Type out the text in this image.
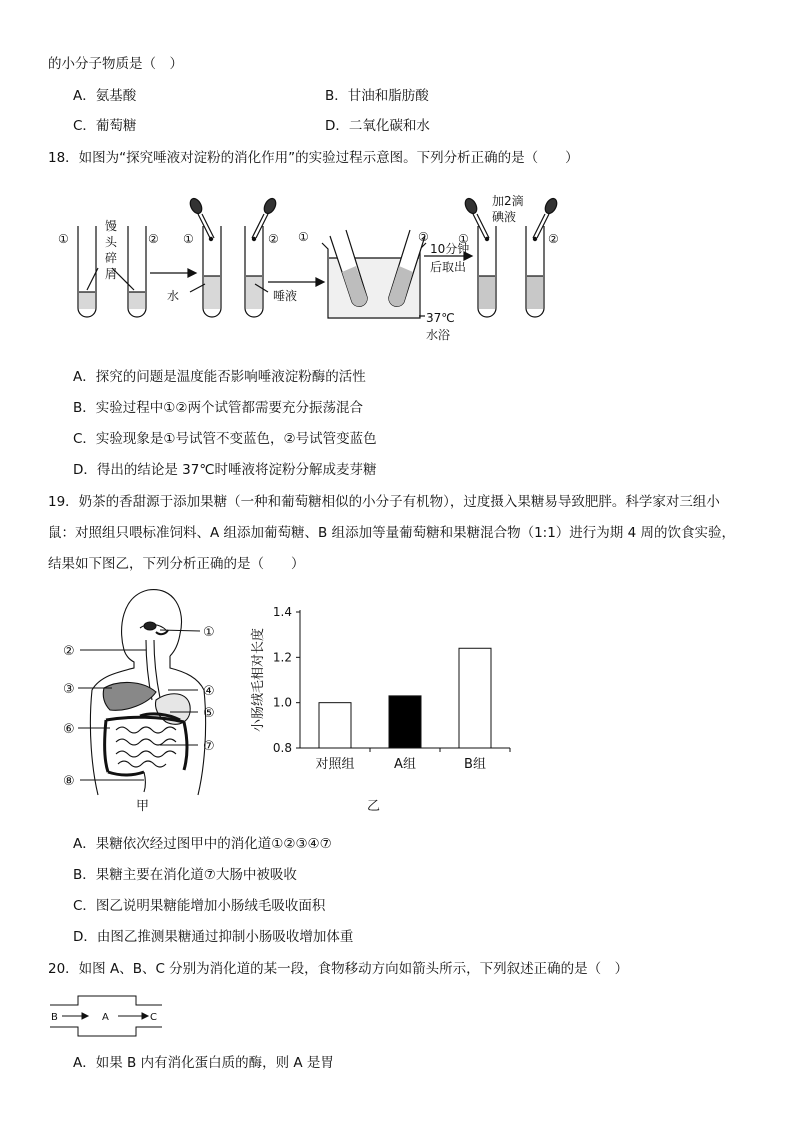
的小分子物质是（　）
A．氨基酸	B．甘油和脂肪酸
C．葡萄糖	D．二氧化碳和水
18．如图为“探究唾液对淀粉的消化作用”的实验过程示意图。下列分析正确的是（　　）
①	②
馒
头
碎
屑
①	②
水	唾液
①	②
10分钟
后取出
37℃
水浴
①	②
加2滴
碘液
A．探究的问题是温度能否影响唾液淀粉酶的活性
B．实验过程中①②两个试管都需要充分振荡混合
C．实验现象是①号试管不变蓝色，②号试管变蓝色
D．得出的结论是 37℃时唾液将淀粉分解成麦芽糖
19．奶茶的香甜源于添加果糖（一种和葡萄糖相似的小分子有机物），过度摄入果糖易导致肥胖。科学家对三组小
鼠：对照组只喂标准饲料、A 组添加葡萄糖、B 组添加等量葡萄糖和果糖混合物（1:1）进行为期 4 周的饮食实验，
结果如下图乙，下列分析正确的是（　　）
①
②
③	④
⑤
⑥
⑦
⑧
甲	乙
小肠绒毛相对长度
0.8
1.0
1.2
1.4
对照组	A组	B组
A．果糖依次经过图甲中的消化道①②③④⑦
B．果糖主要在消化道⑦大肠中被吸收
C．图乙说明果糖能增加小肠绒毛吸收面积
D．由图乙推测果糖通过抑制小肠吸收增加体重
20．如图 A、B、C 分别为消化道的某一段，食物移动方向如箭头所示，下列叙述正确的是（　）
B	A	C
A．如果 B 内有消化蛋白质的酶，则 A 是胃
